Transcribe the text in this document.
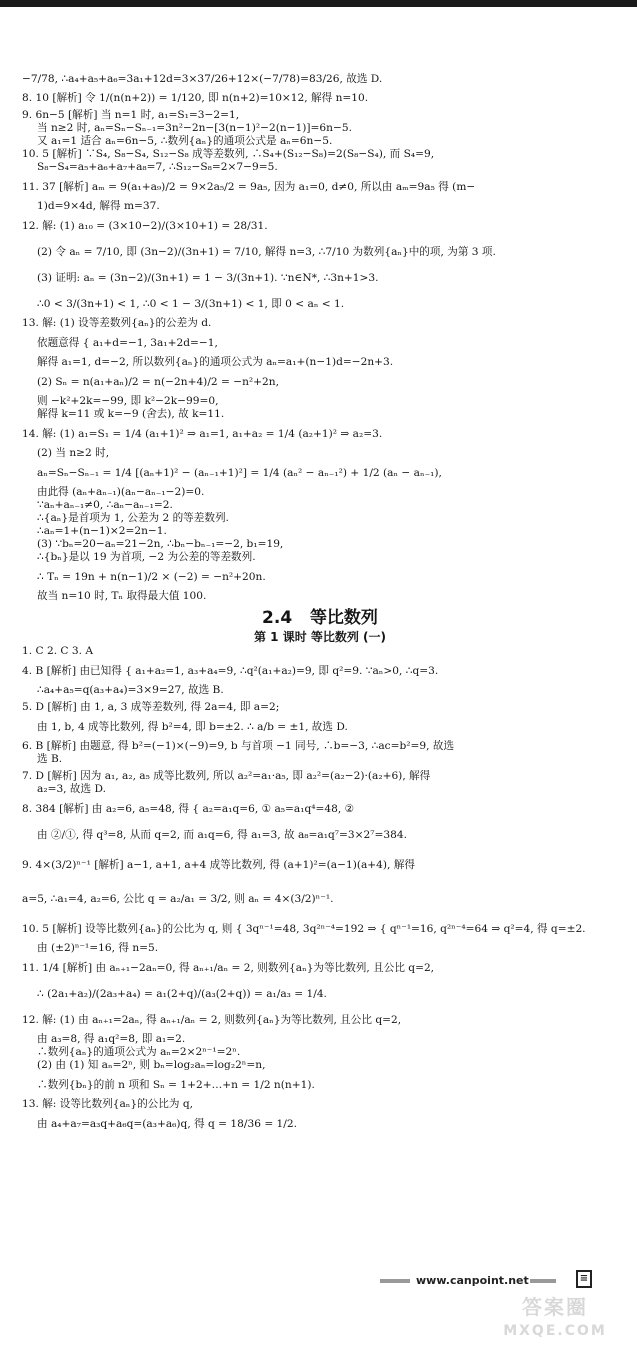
−7/78, ∴a₄+a₅+a₆=3a₁+12d=3×37/26+12×(−7/78)=83/26, 故选 D.
8. 10 [解析] 令 1/(n(n+2)) = 1/120, 即 n(n+2)=10×12, 解得 n=10.
9. 6n−5 [解析] 当 n=1 时, a₁=S₁=3−2=1,
当 n≥2 时, aₙ=Sₙ−Sₙ₋₁=3n²−2n−[3(n−1)²−2(n−1)]=6n−5.
又 a₁=1 适合 aₙ=6n−5, ∴数列{aₙ}的通项公式是 aₙ=6n−5.
10. 5 [解析] ∵S₄, S₈−S₄, S₁₂−S₈ 成等差数列, ∴S₄+(S₁₂−S₈)=2(S₈−S₄), 而 S₄=9,
S₈−S₄=a₅+a₆+a₇+a₈=7, ∴S₁₂−S₈=2×7−9=5.
11. 37 [解析] aₘ = 9(a₁+a₉)/2 = 9×2a₅/2 = 9a₅, 因为 a₁=0, d≠0, 所以由 aₘ=9a₅ 得 (m−
1)d=9×4d, 解得 m=37.
12. 解: (1) a₁₀ = (3×10−2)/(3×10+1) = 28/31.
(2) 令 aₙ = 7/10, 即 (3n−2)/(3n+1) = 7/10, 解得 n=3, ∴7/10 为数列{aₙ}中的项, 为第 3 项.
(3) 证明: aₙ = (3n−2)/(3n+1) = 1 − 3/(3n+1). ∵n∈N*, ∴3n+1>3.
∴0 < 3/(3n+1) < 1, ∴0 < 1 − 3/(3n+1) < 1, 即 0 < aₙ < 1.
13. 解: (1) 设等差数列{aₙ}的公差为 d.
依题意得 { a₁+d=−1, 3a₁+2d=−1,
解得 a₁=1, d=−2, 所以数列{aₙ}的通项公式为 aₙ=a₁+(n−1)d=−2n+3.
(2) Sₙ = n(a₁+aₙ)/2 = n(−2n+4)/2 = −n²+2n,
则 −k²+2k=−99, 即 k²−2k−99=0,
解得 k=11 或 k=−9 (舍去), 故 k=11.
14. 解: (1) a₁=S₁ = 1/4 (a₁+1)² ⇒ a₁=1, a₁+a₂ = 1/4 (a₂+1)² ⇒ a₂=3.
(2) 当 n≥2 时,
aₙ=Sₙ−Sₙ₋₁ = 1/4 [(aₙ+1)² − (aₙ₋₁+1)²] = 1/4 (aₙ² − aₙ₋₁²) + 1/2 (aₙ − aₙ₋₁),
由此得 (aₙ+aₙ₋₁)(aₙ−aₙ₋₁−2)=0.
∵aₙ+aₙ₋₁≠0, ∴aₙ−aₙ₋₁=2.
∴{aₙ}是首项为 1, 公差为 2 的等差数列.
∴aₙ=1+(n−1)×2=2n−1.
(3) ∵bₙ=20−aₙ=21−2n, ∴bₙ−bₙ₋₁=−2, b₁=19,
∴{bₙ}是以 19 为首项, −2 为公差的等差数列.
∴ Tₙ = 19n + n(n−1)/2 × (−2) = −n²+20n.
故当 n=10 时, Tₙ 取得最大值 100.
2.4 等比数列
第 1 课时 等比数列 (一)
1. C 2. C 3. A
4. B [解析] 由已知得 { a₁+a₂=1, a₃+a₄=9, ∴q²(a₁+a₂)=9, 即 q²=9. ∵aₙ>0, ∴q=3.
∴a₄+a₅=q(a₃+a₄)=3×9=27, 故选 B.
5. D [解析] 由 1, a, 3 成等差数列, 得 2a=4, 即 a=2;
由 1, b, 4 成等比数列, 得 b²=4, 即 b=±2. ∴ a/b = ±1, 故选 D.
6. B [解析] 由题意, 得 b²=(−1)×(−9)=9, b 与首项 −1 同号, ∴b=−3, ∴ac=b²=9, 故选
选 B.
7. D [解析] 因为 a₁, a₂, a₅ 成等比数列, 所以 a₂²=a₁·a₅, 即 a₂²=(a₂−2)·(a₂+6), 解得
a₂=3, 故选 D.
8. 384 [解析] 由 a₂=6, a₅=48, 得 { a₂=a₁q=6, ① a₅=a₁q⁴=48, ②
由 ②/①, 得 q³=8, 从而 q=2, 而 a₁q=6, 得 a₁=3, 故 a₈=a₁q⁷=3×2⁷=384.
9. 4×(3/2)ⁿ⁻¹ [解析] a−1, a+1, a+4 成等比数列, 得 (a+1)²=(a−1)(a+4), 解得
a=5, ∴a₁=4, a₂=6, 公比 q = a₂/a₁ = 3/2, 则 aₙ = 4×(3/2)ⁿ⁻¹.
10. 5 [解析] 设等比数列{aₙ}的公比为 q, 则 { 3qⁿ⁻¹=48, 3q²ⁿ⁻⁴=192 ⇒ { qⁿ⁻¹=16, q²ⁿ⁻⁴=64 ⇒ q²=4, 得 q=±2.
由 (±2)ⁿ⁻¹=16, 得 n=5.
11. 1/4 [解析] 由 aₙ₊₁−2aₙ=0, 得 aₙ₊₁/aₙ = 2, 则数列{aₙ}为等比数列, 且公比 q=2,
∴ (2a₁+a₂)/(2a₃+a₄) = a₁(2+q)/(a₃(2+q)) = a₁/a₃ = 1/4.
12. 解: (1) 由 aₙ₊₁=2aₙ, 得 aₙ₊₁/aₙ = 2, 则数列{aₙ}为等比数列, 且公比 q=2,
由 a₃=8, 得 a₁q²=8, 即 a₁=2.
∴数列{aₙ}的通项公式为 aₙ=2×2ⁿ⁻¹=2ⁿ.
(2) 由 (1) 知 aₙ=2ⁿ, 则 bₙ=log₂aₙ=log₂2ⁿ=n,
∴数列{bₙ}的前 n 项和 Sₙ = 1+2+…+n = 1/2 n(n+1).
13. 解: 设等比数列{aₙ}的公比为 q,
由 a₄+a₇=a₃q+a₆q=(a₃+a₆)q, 得 q = 18/36 = 1/2.
www.canpoint.net	≡
答案圈
MXQE.COM
